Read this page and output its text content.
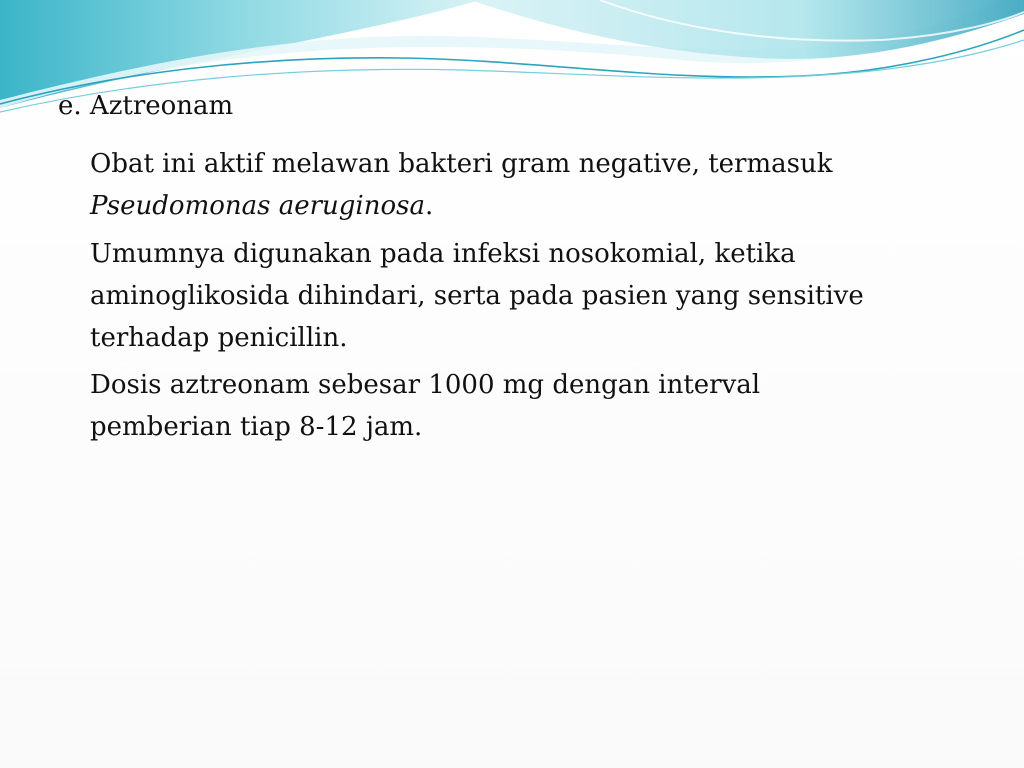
e. Aztreonam

Obat ini aktif melawan bakteri gram negative, termasuk
Pseudomonas aeruginosa.

Umumnya digunakan pada infeksi nosokomial, ketika
aminoglikosida dihindari, serta pada pasien yang sensitive
terhadap penicillin.

Dosis aztreonam sebesar 1000 mg dengan interval
pemberian tiap 8-12 jam.
